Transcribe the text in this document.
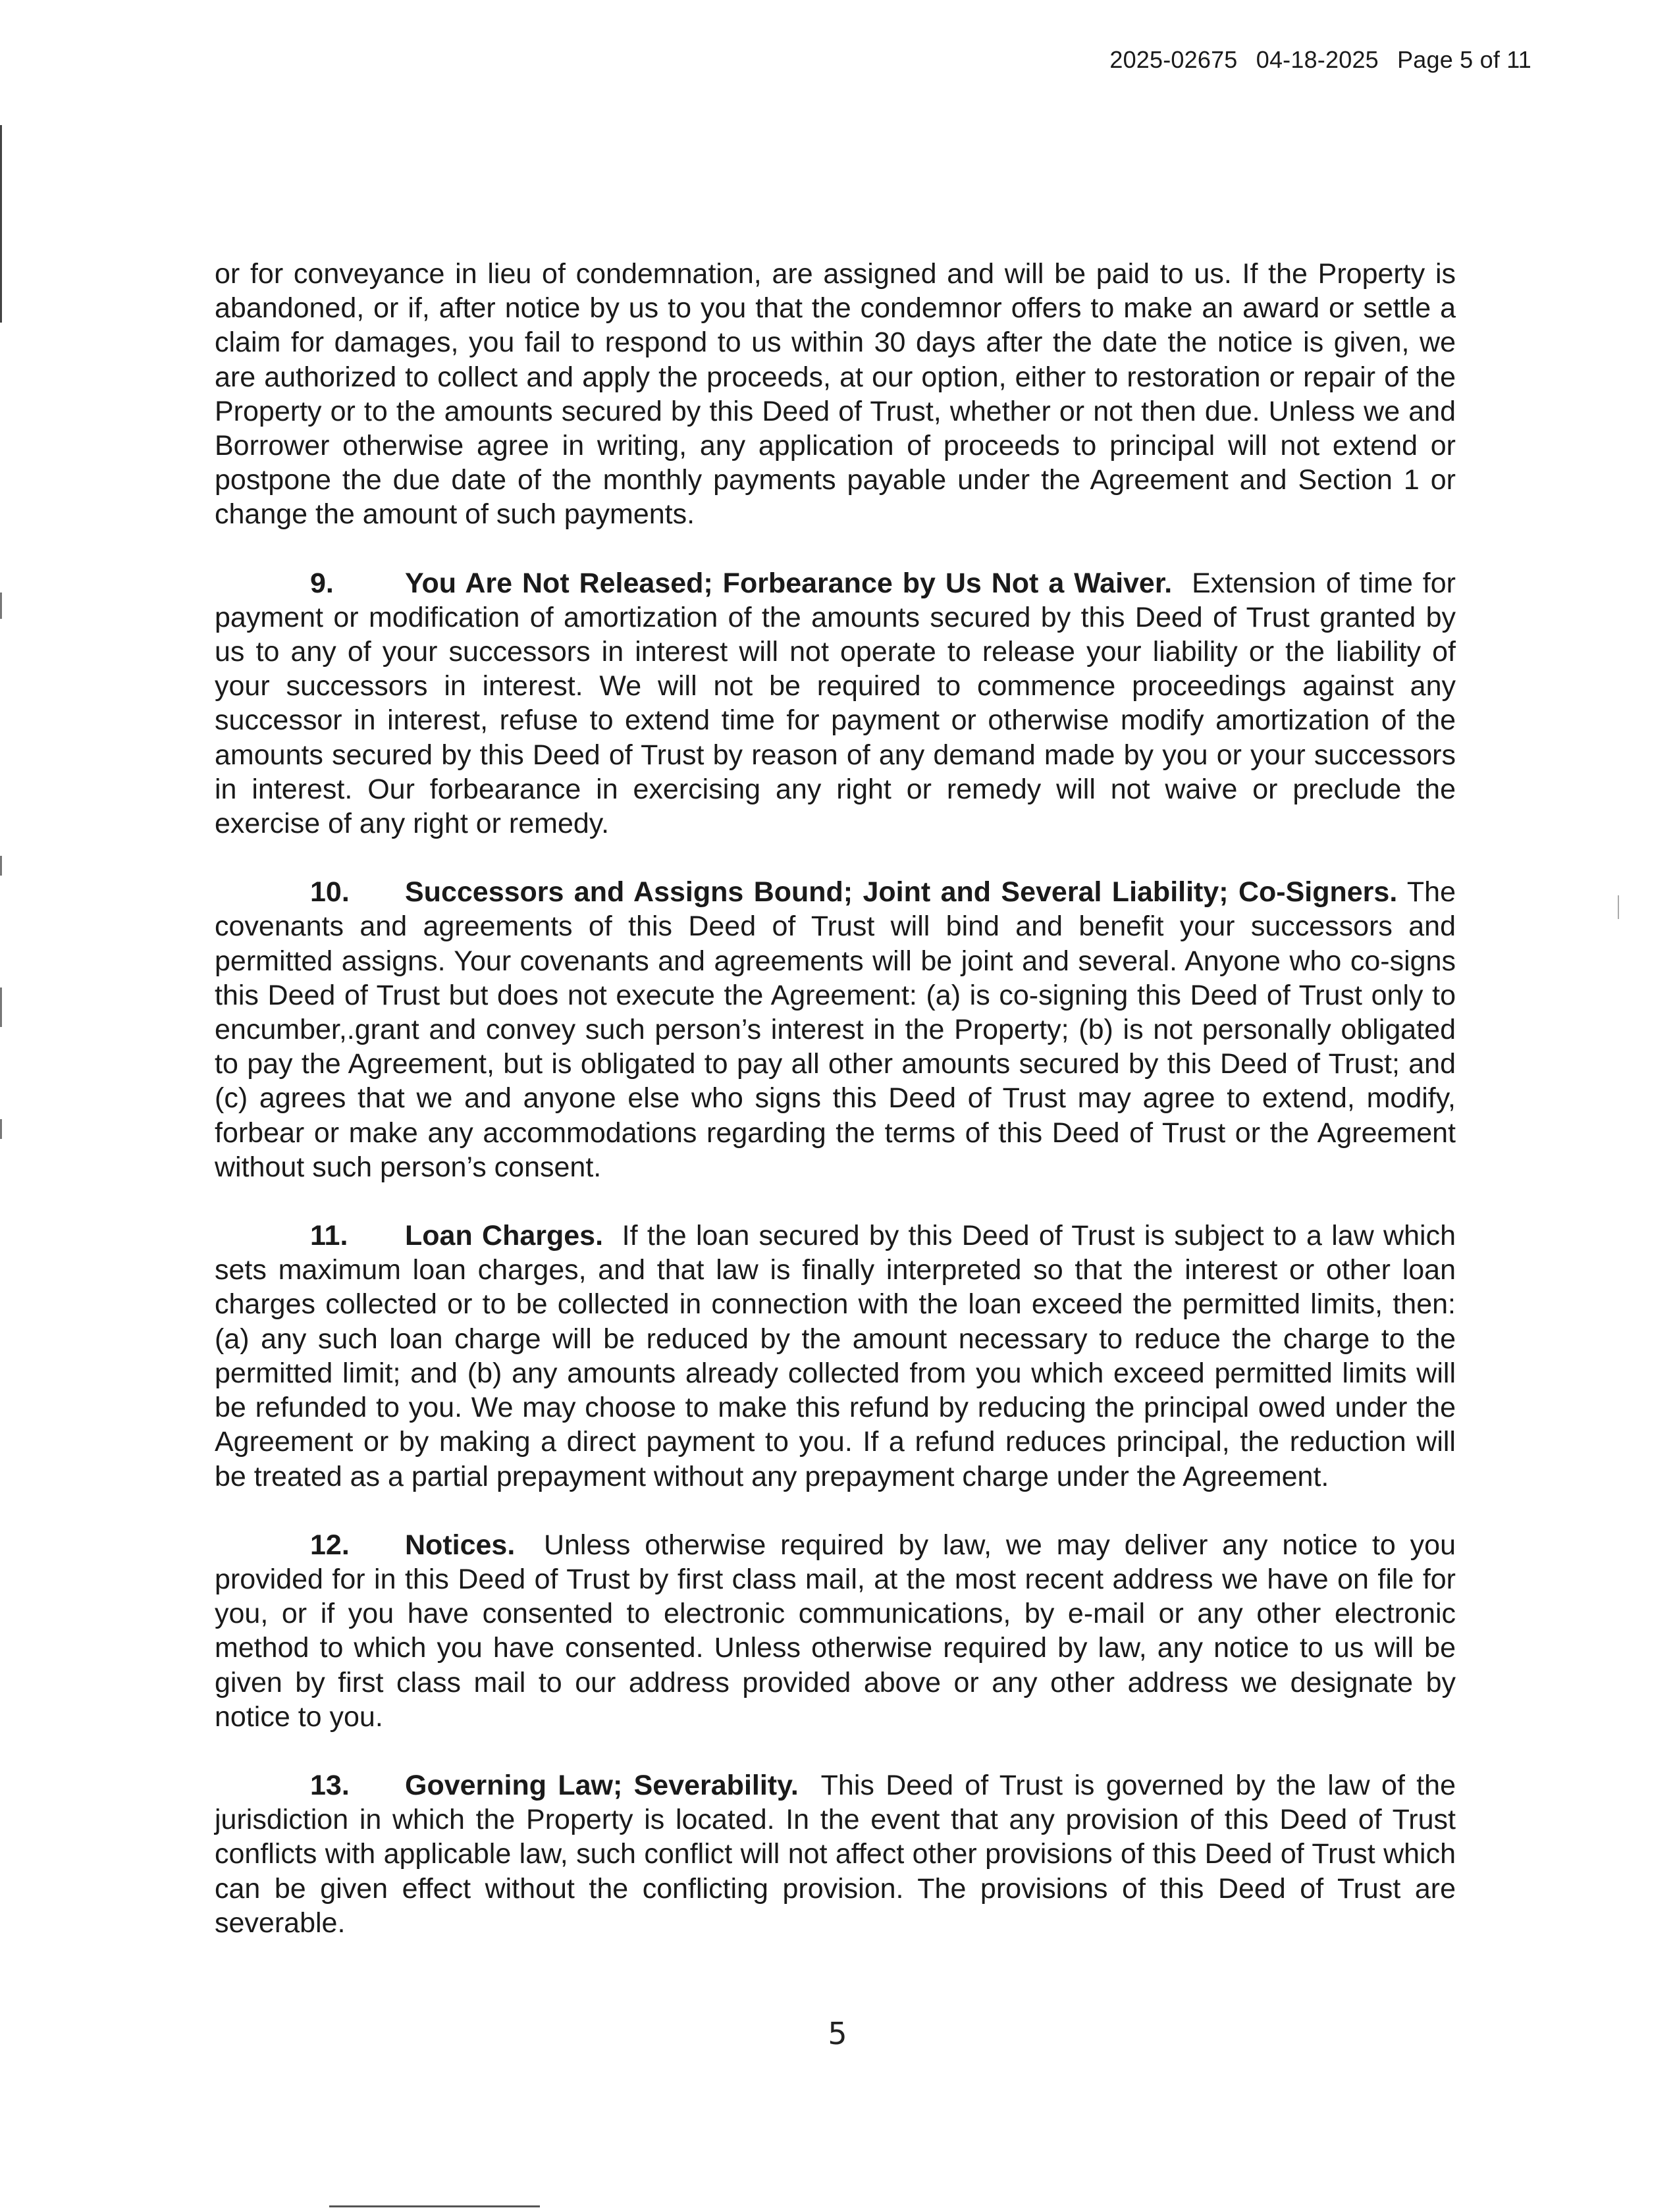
2025-02675 04-18-2025 Page 5 of 11

or for conveyance in lieu of condemnation, are assigned and will be paid to us. If the Property is abandoned, or if, after notice by us to you that the condemnor offers to make an award or settle a claim for damages, you fail to respond to us within 30 days after the date the notice is given, we are authorized to collect and apply the proceeds, at our option, either to restoration or repair of the Property or to the amounts secured by this Deed of Trust, whether or not then due. Unless we and Borrower otherwise agree in writing, any application of proceeds to principal will not extend or postpone the due date of the monthly payments payable under the Agreement and Section 1 or change the amount of such payments.

9.	You Are Not Released; Forbearance by Us Not a Waiver. Extension of time for payment or modification of amortization of the amounts secured by this Deed of Trust granted by us to any of your successors in interest will not operate to release your liability or the liability of your successors in interest. We will not be required to commence proceedings against any successor in interest, refuse to extend time for payment or otherwise modify amortization of the amounts secured by this Deed of Trust by reason of any demand made by you or your successors in interest. Our forbearance in exercising any right or remedy will not waive or preclude the exercise of any right or remedy.

10. Successors and Assigns Bound; Joint and Several Liability; Co-Signers. The covenants and agreements of this Deed of Trust will bind and benefit your successors and permitted assigns. Your covenants and agreements will be joint and several. Anyone who co-signs this Deed of Trust but does not execute the Agreement: (a) is co-signing this Deed of Trust only to encumber,.grant and convey such person’s interest in the Property; (b) is not personally obligated to pay the Agreement, but is obligated to pay all other amounts secured by this Deed of Trust; and (c) agrees that we and anyone else who signs this Deed of Trust may agree to extend, modify, forbear or make any accommodations regarding the terms of this Deed of Trust or the Agreement without such person’s consent.

11. Loan Charges. If the loan secured by this Deed of Trust is subject to a law which sets maximum loan charges, and that law is finally interpreted so that the interest or other loan charges collected or to be collected in connection with the loan exceed the permitted limits, then: (a) any such loan charge will be reduced by the amount necessary to reduce the charge to the permitted limit; and (b) any amounts already collected from you which exceed permitted limits will be refunded to you. We may choose to make this refund by reducing the principal owed under the Agreement or by making a direct payment to you. If a refund reduces principal, the reduction will be treated as a partial prepayment without any prepayment charge under the Agreement.

12. Notices. Unless otherwise required by law, we may deliver any notice to you provided for in this Deed of Trust by first class mail, at the most recent address we have on file for you, or if you have consented to electronic communications, by e-mail or any other electronic method to which you have consented. Unless otherwise required by law, any notice to us will be given by first class mail to our address provided above or any other address we designate by notice to you.

13. Governing Law; Severability. This Deed of Trust is governed by the law of the jurisdiction in which the Property is located. In the event that any provision of this Deed of Trust conflicts with applicable law, such conflict will not affect other provisions of this Deed of Trust which can be given effect without the conflicting provision. The provisions of this Deed of Trust are severable.

5
